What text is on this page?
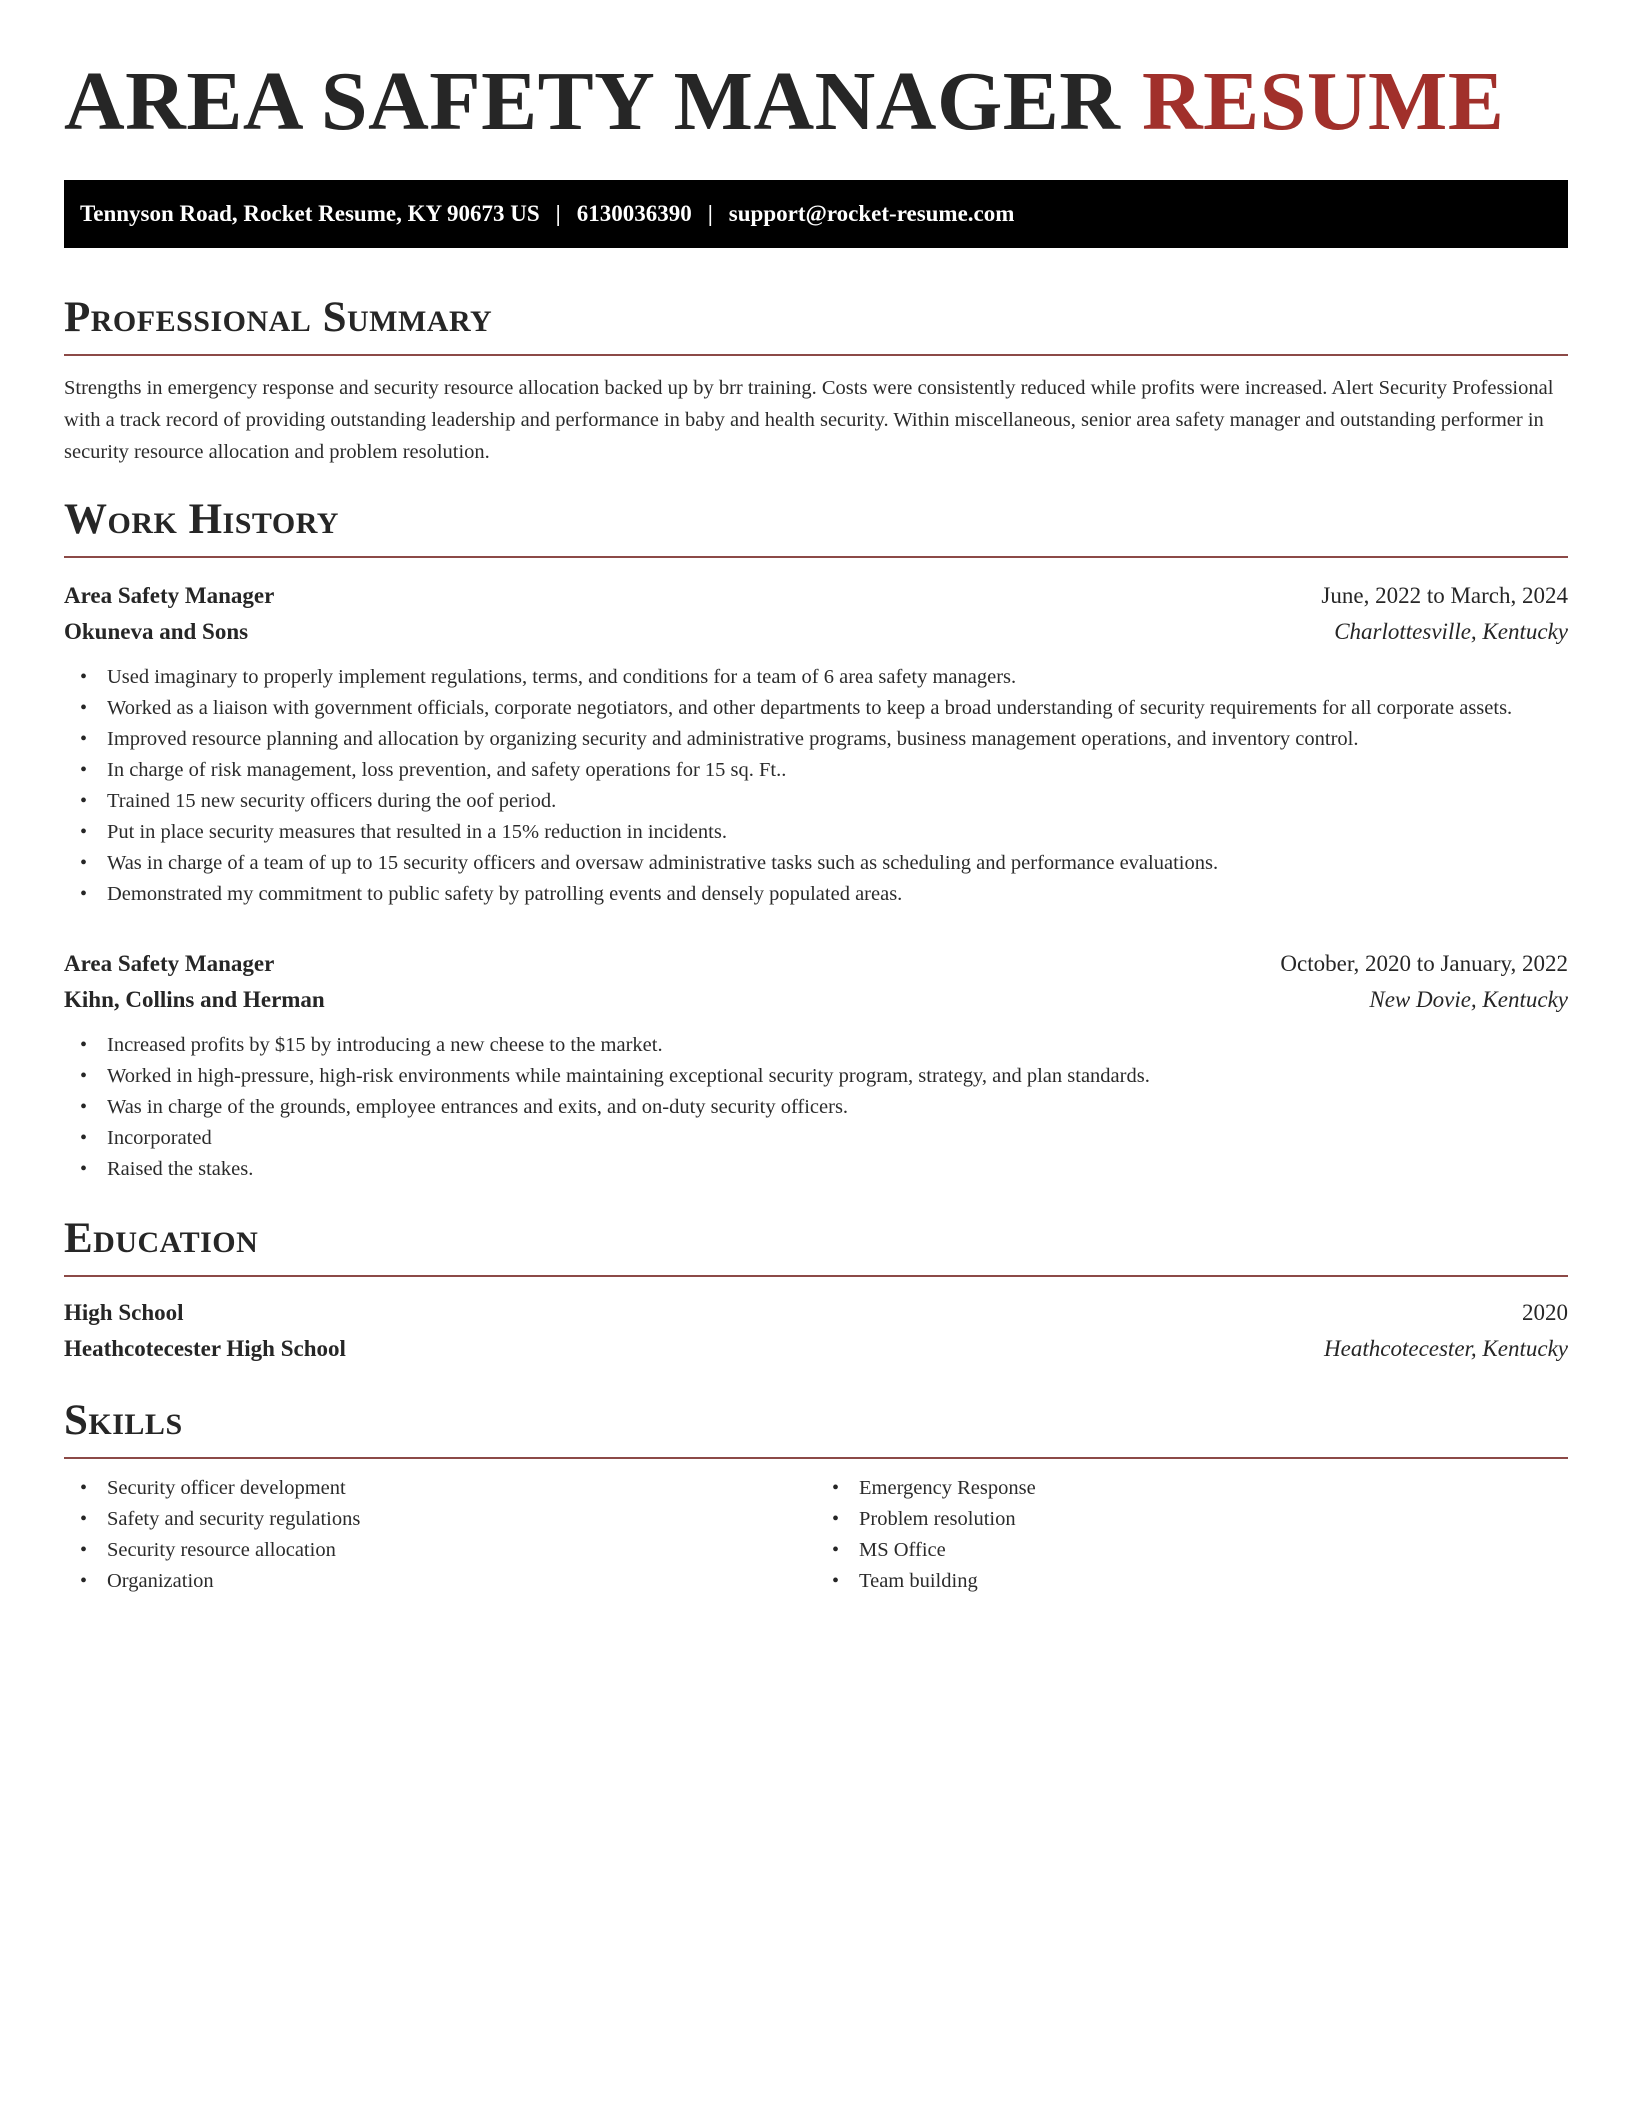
AREA SAFETY MANAGER RESUME
Tennyson Road, Rocket Resume, KY 90673 US | 6130036390 | support@rocket-resume.com
Professional Summary

Strengths in emergency response and security resource allocation backed up by brr training. Costs were consistently reduced while profits were increased. Alert Security Professional with a track record of providing outstanding leadership and performance in baby and health security. Within miscellaneous, senior area safety manager and outstanding performer in security resource allocation and problem resolution.

Work History
Area Safety Manager	June, 2022 to March, 2024
Okuneva and Sons	Charlottesville, Kentucky
• Used imaginary to properly implement regulations, terms, and conditions for a team of 6 area safety managers.
• Worked as a liaison with government officials, corporate negotiators, and other departments to keep a broad understanding of security requirements for all corporate assets.
• Improved resource planning and allocation by organizing security and administrative programs, business management operations, and inventory control.
• In charge of risk management, loss prevention, and safety operations for 15 sq. Ft..
• Trained 15 new security officers during the oof period.
• Put in place security measures that resulted in a 15% reduction in incidents.
• Was in charge of a team of up to 15 security officers and oversaw administrative tasks such as scheduling and performance evaluations.
• Demonstrated my commitment to public safety by patrolling events and densely populated areas.
Area Safety Manager	October, 2020 to January, 2022
Kihn, Collins and Herman	New Dovie, Kentucky
• Increased profits by $15 by introducing a new cheese to the market.
• Worked in high-pressure, high-risk environments while maintaining exceptional security program, strategy, and plan standards.
• Was in charge of the grounds, employee entrances and exits, and on-duty security officers.
• Incorporated
• Raised the stakes.
Education
High School	2020
Heathcotecester High School	Heathcotecester, Kentucky
Skills
• Security officer development
• Safety and security regulations
• Security resource allocation
• Organization
• Emergency Response
• Problem resolution
• MS Office
• Team building
